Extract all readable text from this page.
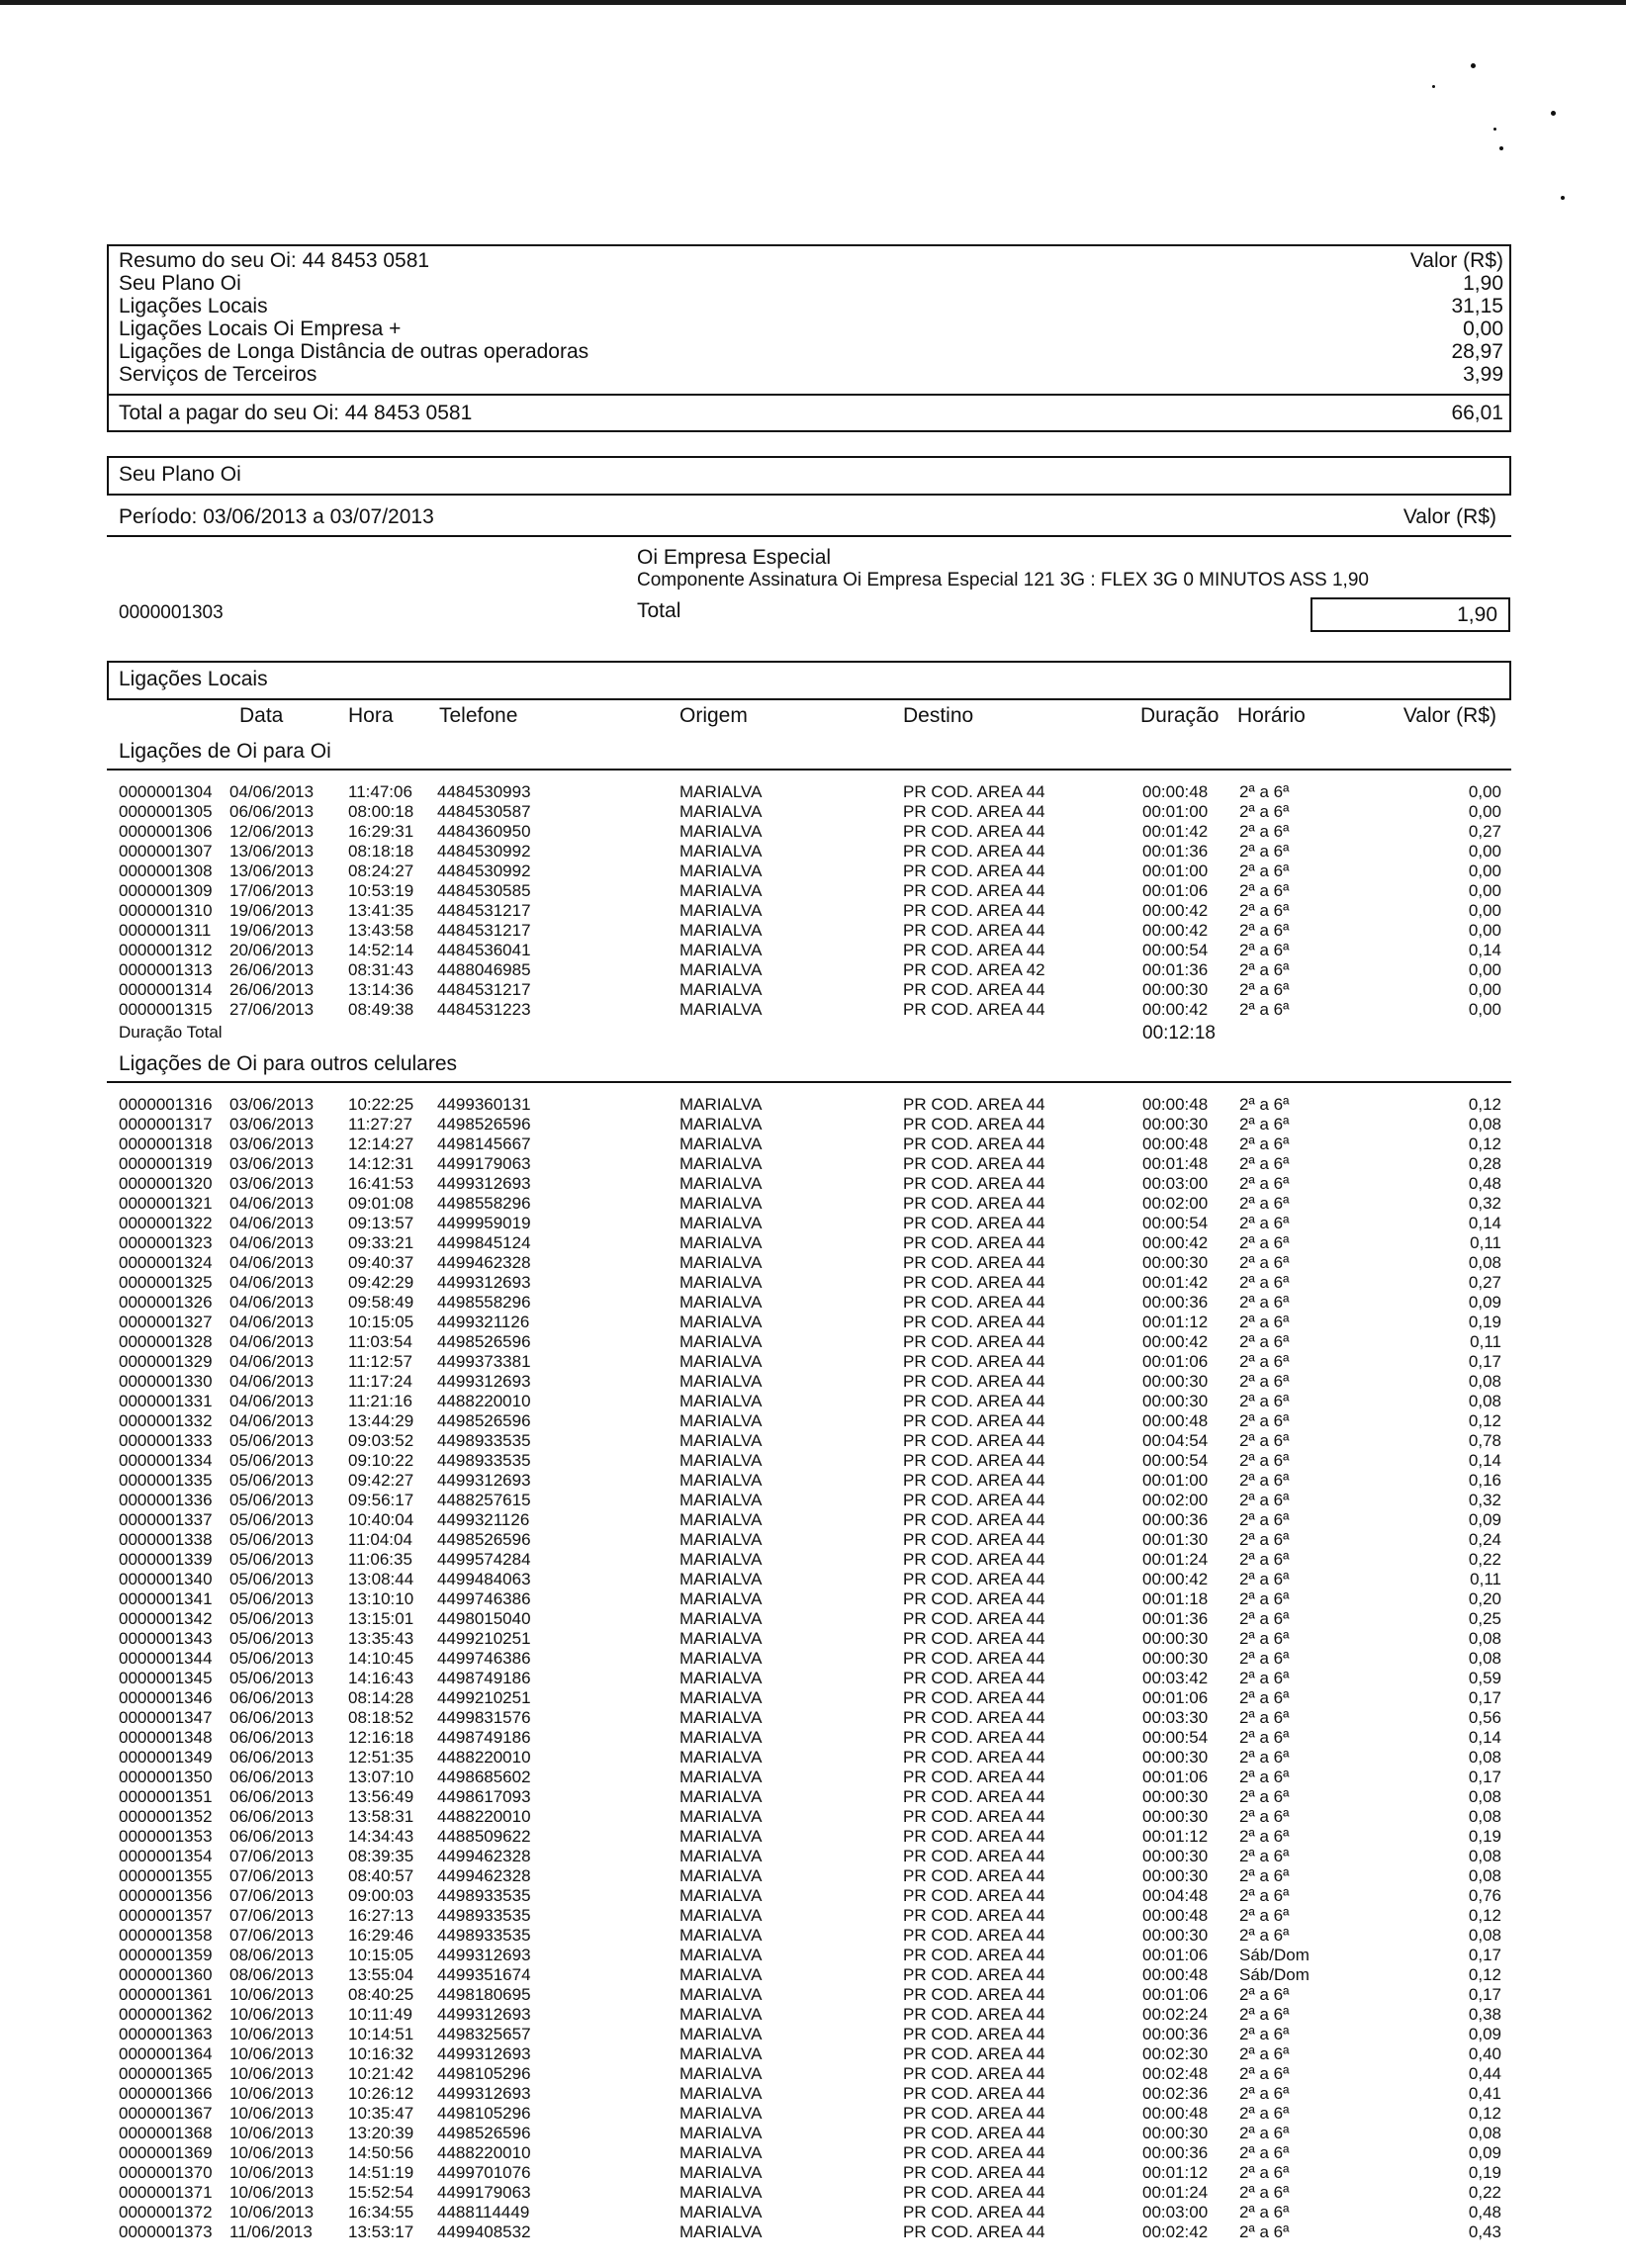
Resumo do seu Oi: 44 8453 0581	Valor (R$)
Seu Plano Oi	1,90
Ligações Locais	31,15
Ligações Locais Oi Empresa +	0,00
Ligações de Longa Distância de outras operadoras	28,97
Serviços de Terceiros	3,99
Total a pagar do seu Oi: 44 8453 0581	66,01
Seu Plano Oi
Período: 03/06/2013 a 03/07/2013	Valor (R$)
Oi Empresa Especial
Componente Assinatura Oi Empresa Especial 121 3G : FLEX 3G 0 MINUTOS ASS 1,90
0000001303	Total	1,90
Ligações Locais
Data	Hora Telefone	Origem	Destino	Duração Horário	Valor (R$)
Ligações de Oi para Oi
0000001304 04/06/2013 11:47:06 4484530993	MARIALVA	PR COD. AREA 44	00:00:48 2ª a 6ª	0,00
0000001305 06/06/2013 08:00:18 4484530587	MARIALVA	PR COD. AREA 44	00:01:00 2ª a 6ª	0,00
0000001306 12/06/2013 16:29:31 4484360950	MARIALVA	PR COD. AREA 44	00:01:42 2ª a 6ª	0,27
0000001307 13/06/2013 08:18:18 4484530992	MARIALVA	PR COD. AREA 44	00:01:36 2ª a 6ª	0,00
0000001308 13/06/2013 08:24:27 4484530992	MARIALVA	PR COD. AREA 44	00:01:00 2ª a 6ª	0,00
0000001309 17/06/2013 10:53:19 4484530585	MARIALVA	PR COD. AREA 44	00:01:06 2ª a 6ª	0,00
0000001310 19/06/2013 13:41:35 4484531217	MARIALVA	PR COD. AREA 44	00:00:42 2ª a 6ª	0,00
0000001311 19/06/2013 13:43:58 4484531217	MARIALVA	PR COD. AREA 44	00:00:42 2ª a 6ª	0,00
0000001312 20/06/2013 14:52:14 4484536041	MARIALVA	PR COD. AREA 44	00:00:54 2ª a 6ª	0,14
0000001313 26/06/2013 08:31:43 4488046985	MARIALVA	PR COD. AREA 42	00:01:36 2ª a 6ª	0,00
0000001314 26/06/2013 13:14:36 4484531217	MARIALVA	PR COD. AREA 44	00:00:30 2ª a 6ª	0,00
0000001315 27/06/2013 08:49:38 4484531223	MARIALVA	PR COD. AREA 44	00:00:42 2ª a 6ª	0,00
Duração Total	00:12:18
Ligações de Oi para outros celulares
0000001316 03/06/2013 10:22:25 4499360131	MARIALVA	PR COD. AREA 44	00:00:48 2ª a 6ª	0,12
0000001317 03/06/2013 11:27:27 4498526596	MARIALVA	PR COD. AREA 44	00:00:30 2ª a 6ª	0,08
0000001318 03/06/2013 12:14:27 4498145667	MARIALVA	PR COD. AREA 44	00:00:48 2ª a 6ª	0,12
0000001319 03/06/2013 14:12:31 4499179063	MARIALVA	PR COD. AREA 44	00:01:48 2ª a 6ª	0,28
0000001320 03/06/2013 16:41:53 4499312693	MARIALVA	PR COD. AREA 44	00:03:00 2ª a 6ª	0,48
0000001321 04/06/2013 09:01:08 4498558296	MARIALVA	PR COD. AREA 44	00:02:00 2ª a 6ª	0,32
0000001322 04/06/2013 09:13:57 4499959019	MARIALVA	PR COD. AREA 44	00:00:54 2ª a 6ª	0,14
0000001323 04/06/2013 09:33:21 4499845124	MARIALVA	PR COD. AREA 44	00:00:42 2ª a 6ª	0,11
0000001324 04/06/2013 09:40:37 4499462328	MARIALVA	PR COD. AREA 44	00:00:30 2ª a 6ª	0,08
0000001325 04/06/2013 09:42:29 4499312693	MARIALVA	PR COD. AREA 44	00:01:42 2ª a 6ª	0,27
0000001326 04/06/2013 09:58:49 4498558296	MARIALVA	PR COD. AREA 44	00:00:36 2ª a 6ª	0,09
0000001327 04/06/2013 10:15:05 4499321126	MARIALVA	PR COD. AREA 44	00:01:12 2ª a 6ª	0,19
0000001328 04/06/2013 11:03:54 4498526596	MARIALVA	PR COD. AREA 44	00:00:42 2ª a 6ª	0,11
0000001329 04/06/2013 11:12:57 4499373381	MARIALVA	PR COD. AREA 44	00:01:06 2ª a 6ª	0,17
0000001330 04/06/2013 11:17:24 4499312693	MARIALVA	PR COD. AREA 44	00:00:30 2ª a 6ª	0,08
0000001331 04/06/2013 11:21:16 4488220010	MARIALVA	PR COD. AREA 44	00:00:30 2ª a 6ª	0,08
0000001332 04/06/2013 13:44:29 4498526596	MARIALVA	PR COD. AREA 44	00:00:48 2ª a 6ª	0,12
0000001333 05/06/2013 09:03:52 4498933535	MARIALVA	PR COD. AREA 44	00:04:54 2ª a 6ª	0,78
0000001334 05/06/2013 09:10:22 4498933535	MARIALVA	PR COD. AREA 44	00:00:54 2ª a 6ª	0,14
0000001335 05/06/2013 09:42:27 4499312693	MARIALVA	PR COD. AREA 44	00:01:00 2ª a 6ª	0,16
0000001336 05/06/2013 09:56:17 4488257615	MARIALVA	PR COD. AREA 44	00:02:00 2ª a 6ª	0,32
0000001337 05/06/2013 10:40:04 4499321126	MARIALVA	PR COD. AREA 44	00:00:36 2ª a 6ª	0,09
0000001338 05/06/2013 11:04:04 4498526596	MARIALVA	PR COD. AREA 44	00:01:30 2ª a 6ª	0,24
0000001339 05/06/2013 11:06:35 4499574284	MARIALVA	PR COD. AREA 44	00:01:24 2ª a 6ª	0,22
0000001340 05/06/2013 13:08:44 4499484063	MARIALVA	PR COD. AREA 44	00:00:42 2ª a 6ª	0,11
0000001341 05/06/2013 13:10:10 4499746386	MARIALVA	PR COD. AREA 44	00:01:18 2ª a 6ª	0,20
0000001342 05/06/2013 13:15:01 4498015040	MARIALVA	PR COD. AREA 44	00:01:36 2ª a 6ª	0,25
0000001343 05/06/2013 13:35:43 4499210251	MARIALVA	PR COD. AREA 44	00:00:30 2ª a 6ª	0,08
0000001344 05/06/2013 14:10:45 4499746386	MARIALVA	PR COD. AREA 44	00:00:30 2ª a 6ª	0,08
0000001345 05/06/2013 14:16:43 4498749186	MARIALVA	PR COD. AREA 44	00:03:42 2ª a 6ª	0,59
0000001346 06/06/2013 08:14:28 4499210251	MARIALVA	PR COD. AREA 44	00:01:06 2ª a 6ª	0,17
0000001347 06/06/2013 08:18:52 4499831576	MARIALVA	PR COD. AREA 44	00:03:30 2ª a 6ª	0,56
0000001348 06/06/2013 12:16:18 4498749186	MARIALVA	PR COD. AREA 44	00:00:54 2ª a 6ª	0,14
0000001349 06/06/2013 12:51:35 4488220010	MARIALVA	PR COD. AREA 44	00:00:30 2ª a 6ª	0,08
0000001350 06/06/2013 13:07:10 4498685602	MARIALVA	PR COD. AREA 44	00:01:06 2ª a 6ª	0,17
0000001351 06/06/2013 13:56:49 4498617093	MARIALVA	PR COD. AREA 44	00:00:30 2ª a 6ª	0,08
0000001352 06/06/2013 13:58:31 4488220010	MARIALVA	PR COD. AREA 44	00:00:30 2ª a 6ª	0,08
0000001353 06/06/2013 14:34:43 4488509622	MARIALVA	PR COD. AREA 44	00:01:12 2ª a 6ª	0,19
0000001354 07/06/2013 08:39:35 4499462328	MARIALVA	PR COD. AREA 44	00:00:30 2ª a 6ª	0,08
0000001355 07/06/2013 08:40:57 4499462328	MARIALVA	PR COD. AREA 44	00:00:30 2ª a 6ª	0,08
0000001356 07/06/2013 09:00:03 4498933535	MARIALVA	PR COD. AREA 44	00:04:48 2ª a 6ª	0,76
0000001357 07/06/2013 16:27:13 4498933535	MARIALVA	PR COD. AREA 44	00:00:48 2ª a 6ª	0,12
0000001358 07/06/2013 16:29:46 4498933535	MARIALVA	PR COD. AREA 44	00:00:30 2ª a 6ª	0,08
0000001359 08/06/2013 10:15:05 4499312693	MARIALVA	PR COD. AREA 44	00:01:06 Sáb/Dom	0,17
0000001360 08/06/2013 13:55:04 4499351674	MARIALVA	PR COD. AREA 44	00:00:48 Sáb/Dom	0,12
0000001361 10/06/2013 08:40:25 4498180695	MARIALVA	PR COD. AREA 44	00:01:06 2ª a 6ª	0,17
0000001362 10/06/2013 10:11:49 4499312693	MARIALVA	PR COD. AREA 44	00:02:24 2ª a 6ª	0,38
0000001363 10/06/2013 10:14:51 4498325657	MARIALVA	PR COD. AREA 44	00:00:36 2ª a 6ª	0,09
0000001364 10/06/2013 10:16:32 4499312693	MARIALVA	PR COD. AREA 44	00:02:30 2ª a 6ª	0,40
0000001365 10/06/2013 10:21:42 4498105296	MARIALVA	PR COD. AREA 44	00:02:48 2ª a 6ª	0,44
0000001366 10/06/2013 10:26:12 4499312693	MARIALVA	PR COD. AREA 44	00:02:36 2ª a 6ª	0,41
0000001367 10/06/2013 10:35:47 4498105296	MARIALVA	PR COD. AREA 44	00:00:48 2ª a 6ª	0,12
0000001368 10/06/2013 13:20:39 4498526596	MARIALVA	PR COD. AREA 44	00:00:30 2ª a 6ª	0,08
0000001369 10/06/2013 14:50:56 4488220010	MARIALVA	PR COD. AREA 44	00:00:36 2ª a 6ª	0,09
0000001370 10/06/2013 14:51:19 4499701076	MARIALVA	PR COD. AREA 44	00:01:12 2ª a 6ª	0,19
0000001371 10/06/2013 15:52:54 4499179063	MARIALVA	PR COD. AREA 44	00:01:24 2ª a 6ª	0,22
0000001372 10/06/2013 16:34:55 4488114449	MARIALVA	PR COD. AREA 44	00:03:00 2ª a 6ª	0,48
0000001373 11/06/2013 13:53:17 4499408532	MARIALVA	PR COD. AREA 44	00:02:42 2ª a 6ª	0,43
